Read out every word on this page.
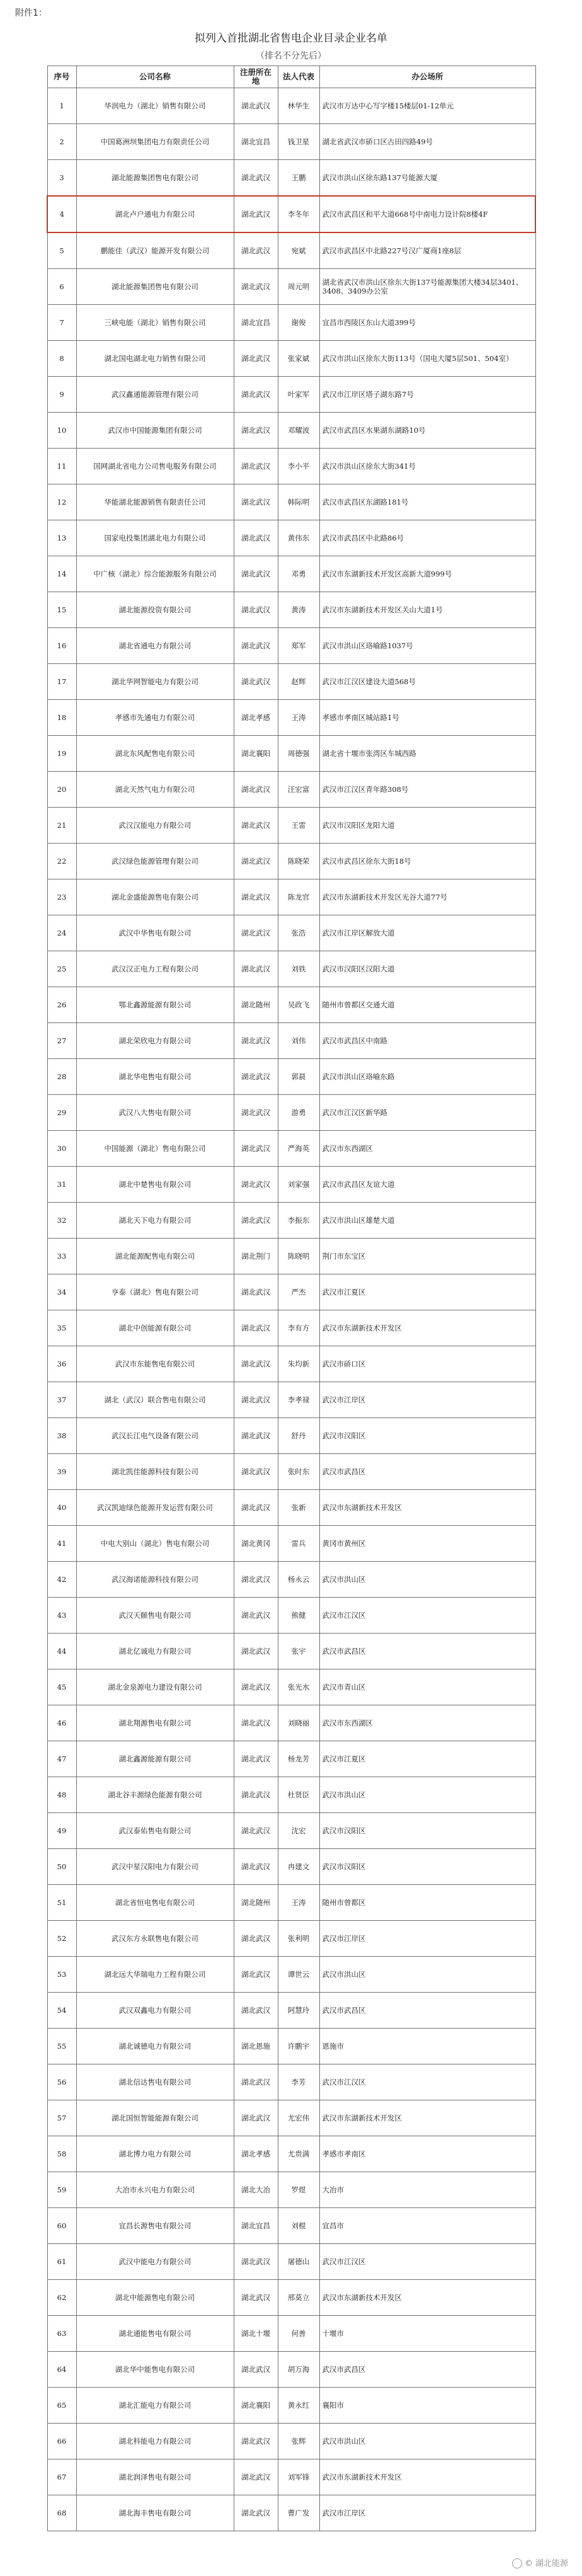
附件1：
拟列入首批湖北省售电企业目录企业名单
（排名不分先后）
序号	公司名称	注册所在地	法人代表	办公场所
1	华润电力（湖北）销售有限公司	湖北武汉	林华生	武汉市万达中心写字楼15楼层01-12单元
2	中国葛洲坝集团电力有限责任公司	湖北宜昌	钱卫星	湖北省武汉市硚口区古田四路49号
3	湖北能源集团售电有限公司	湖北武汉	王鹏	武汉市洪山区徐东路137号能源大厦
4	湖北卢户通电力有限公司	湖北武汉	李冬年	武汉市武昌区和平大道668号中南电力设计院8楼4F
5	鹏能佳（武汉）能源开发有限公司	湖北武汉	宛斌	武汉市武昌区中北路227号汉广厦商1座8层
6	湖北能源集团售电有限公司	湖北武汉	周元明	湖北省武汉市洪山区徐东大街137号能源集团大楼34层3401、3408、3409办公室
7	三峡电能（湖北）销售有限公司	湖北宜昌	谢俊	宜昌市西陵区东山大道399号
8	湖北国电湖北电力销售有限公司	湖北武汉	张家斌	武汉市洪山区徐东大街113号（国电大厦5层501、504室）
9	武汉鑫通能源管理有限公司	湖北武汉	叶家军	武汉市江岸区塔子湖东路7号
10	武汉市中国能源集团有限公司	湖北武汉	邓耀波	武汉市武昌区水果湖东湖路10号
11	国网湖北省电力公司售电服务有限公司	湖北武汉	李小平	武汉市洪山区徐东大街341号
12	华能湖北能源销售有限责任公司	湖北武汉	韩际明	武汉市武昌区东湖路181号
13	国家电投集团湖北电力有限公司	湖北武汉	黄伟东	武汉市武昌区中北路86号
14	中广核（湖北）综合能源服务有限公司	湖北武汉	邓勇	武汉市东湖新技术开发区高新大道999号
15	湖北能源投资有限公司	湖北武汉	黄涛	武汉市东湖新技术开发区关山大道1号
16	湖北省通电力有限公司	湖北武汉	郑军	武汉市洪山区珞喻路1037号
17	湖北华网智能电力有限公司	湖北武汉	赵辉	武汉市江汉区建设大道568号
18	孝感市先通电力有限公司	湖北孝感	王涛	孝感市孝南区城站路1号
19	湖北东风配售电有限公司	湖北襄阳	周德强	湖北省十堰市张湾区车城西路
20	湖北天然气电力有限公司	湖北武汉	汪宏富	武汉市江汉区青年路308号
21	武汉汉能电力有限公司	湖北武汉	王雷	武汉市汉阳区龙阳大道
22	武汉绿色能源管理有限公司	湖北武汉	陈晓荣	武汉市武昌区徐东大街18号
23	湖北金盛能源售电有限公司	湖北武汉	陈龙官	武汉市东湖新技术开发区光谷大道77号
24	武汉中华售电有限公司	湖北武汉	张浩	武汉市江岸区解放大道
25	武汉汉正电力工程有限公司	湖北武汉	刘铁	武汉市汉阳区汉阳大道
26	鄂北鑫源能源有限公司	湖北随州	吴政飞	随州市曾都区交通大道
27	湖北荣欣电力有限公司	湖北武汉	刘伟	武汉市武昌区中南路
28	湖北华电售电有限公司	湖北武汉	郭晨	武汉市洪山区珞喻东路
29	武汉八大售电有限公司	湖北武汉	游勇	武汉市江汉区新华路
30	中国能源（湖北）售电有限公司	湖北武汉	严海英	武汉市东西湖区
31	湖北中楚售电有限公司	湖北武汉	刘家强	武汉市武昌区友谊大道
32	湖北天下电力有限公司	湖北武汉	李振东	武汉市洪山区雄楚大道
33	湖北能源配售电有限公司	湖北荆门	陈晓明	荆门市东宝区
34	亨泰（湖北）售电有限公司	湖北武汉	严杰	武汉市江夏区
35	湖北中创能源有限公司	湖北武汉	李有方	武汉市东湖新技术开发区
36	武汉市东能售电有限公司	湖北武汉	朱均新	武汉市硚口区
37	湖北（武汉）联合售电有限公司	湖北武汉	李孝禄	武汉市江岸区
38	武汉长江电气设备有限公司	湖北武汉	舒丹	武汉市汉阳区
39	湖北凯佳能源科技有限公司	湖北武汉	张时东	武汉市武昌区
40	武汉凯迪绿色能源开发运营有限公司	湖北武汉	张新	武汉市东湖新技术开发区
41	中电大别山（湖北）售电有限公司	湖北黄冈	雷兵	黄冈市黄州区
42	武汉海诺能源科技有限公司	湖北武汉	杨永云	武汉市洪山区
43	武汉天颐售电有限公司	湖北武汉	熊健	武汉市江汉区
44	湖北亿诚电力有限公司	湖北武汉	张宇	武汉市武昌区
45	湖北金泉源电力建设有限公司	湖北武汉	张光水	武汉市青山区
46	湖北翔源售电有限公司	湖北武汉	刘晓丽	武汉市东西湖区
47	湖北鑫源能源有限公司	湖北武汉	杨龙芳	武汉市江夏区
48	湖北谷丰源绿色能源有限公司	湖北武汉	杜贤臣	武汉市洪山区
49	武汉泰佑售电有限公司	湖北武汉	沈宏	武汉市汉阳区
50	武汉中星汉阳电力有限公司	湖北武汉	冉建文	武汉市汉阳区
51	湖北省恒电售电有限公司	湖北随州	王涛	随州市曾都区
52	武汉东方永联售电有限公司	湖北武汉	张利明	武汉市江岸区
53	湖北远大华瑞电力工程有限公司	湖北武汉	谭世云	武汉市洪山区
54	武汉双鑫电力有限公司	湖北武汉	阿慧玲	武汉市武昌区
55	湖北诚德电力有限公司	湖北恩施	许鹏宇	恩施市
56	湖北信达售电有限公司	湖北武汉	李芳	武汉市江汉区
57	湖北国恒智能能源有限公司	湖北武汉	尤宏伟	武汉市东湖新技术开发区
58	湖北博力电力有限公司	湖北孝感	尤贵满	孝感市孝南区
59	大冶市永兴电力有限公司	湖北大冶	罗煜	大冶市
60	宜昌长源售电有限公司	湖北宜昌	刘棍	宜昌市
61	武汉中能电力有限公司	湖北武汉	屠德山	武汉市江汉区
62	湖北中能源售电有限公司	湖北武汉	邢莫立	武汉市东湖新技术开发区
63	湖北通能售电有限公司	湖北十堰	何善	十堰市
64	湖北华中能售电有限公司	湖北武汉	胡万海	武汉市武昌区
65	湖北汇能电力有限公司	湖北襄阳	黄永红	襄阳市
66	湖北科能电力有限公司	湖北武汉	张辉	武汉市洪山区
67	湖北润泽售电有限公司	湖北武汉	刘军锋	武汉市东湖新技术开发区
68	湖北海丰售电有限公司	湖北武汉	曹广发	武汉市江岸区
© 湖北能源
